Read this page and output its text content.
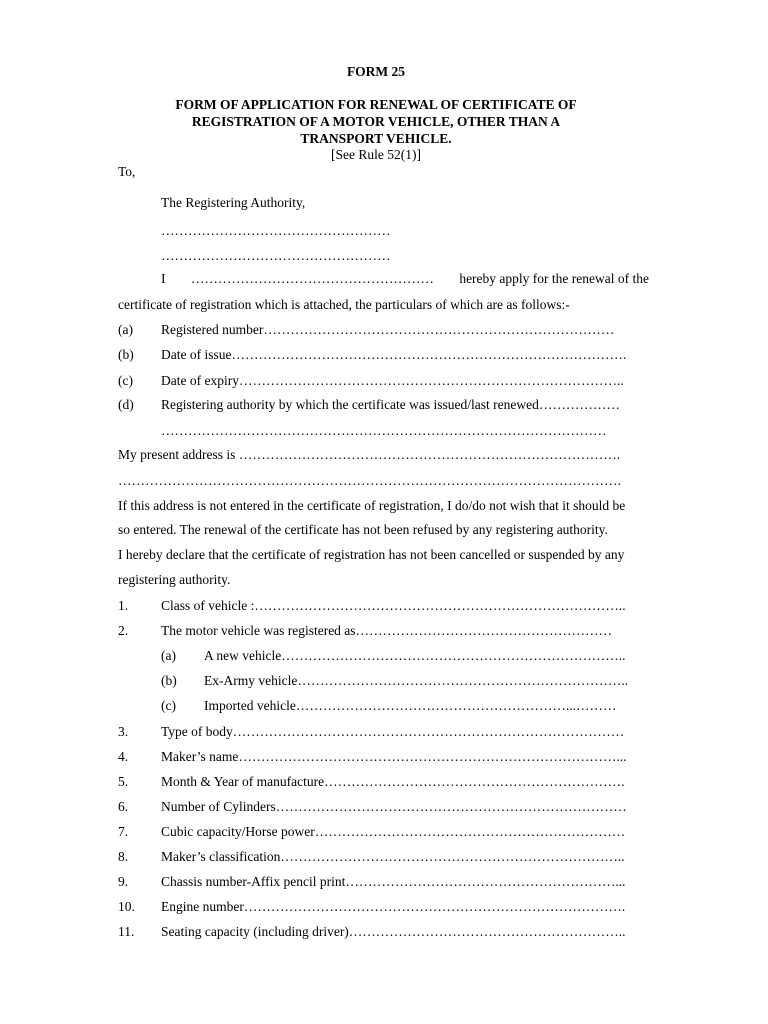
FORM 25
FORM OF APPLICATION FOR RENEWAL OF CERTIFICATE OF
REGISTRATION OF A MOTOR VEHICLE, OTHER THAN A
TRANSPORT VEHICLE.
[See Rule 52(1)]
To,
The Registering Authority,
……………………………………………
……………………………………………
I ……………………………………………… hereby apply for the renewal of the
certificate of registration which is attached, the particulars of which are as follows:-
(a) Registered number……………………………………………………………………
(b) Date of issue…………………………………………………………………………….
(c) Date of expiry…………………………………………………………………………..
(d) Registering authority by which the certificate was issued/last renewed………………
………………………………………………………………………………………
My present address is ………………………………………………………………………….
………………………………………………………………………………………………….
If this address is not entered in the certificate of registration, I do/do not wish that it should be
so entered. The renewal of the certificate has not been refused by any registering authority.
I hereby declare that the certificate of registration has not been cancelled or suspended by any
registering authority.
1. Class of vehicle :………………………………………………………………………..
2. The motor vehicle was registered as…………………………………………………
(a) A new vehicle…………………………………………………………………..
(b) Ex-Army vehicle………………………………………………………………..
(c) Imported vehicle……………………………………………………...………
3. Type of body……………………………………………………………………………
4. Maker’s name…………………………………………………………………………...
5. Month & Year of manufacture………………………………………………………….
6. Number of Cylinders……………………………………………………………………
7. Cubic capacity/Horse power……………………………………………………………
8. Maker’s classification…………………………………………………………………..
9. Chassis number-Affix pencil print……………………………………………………...
10. Engine number………………………………………………………………………….
11. Seating capacity (including driver)……………………………………………………..
